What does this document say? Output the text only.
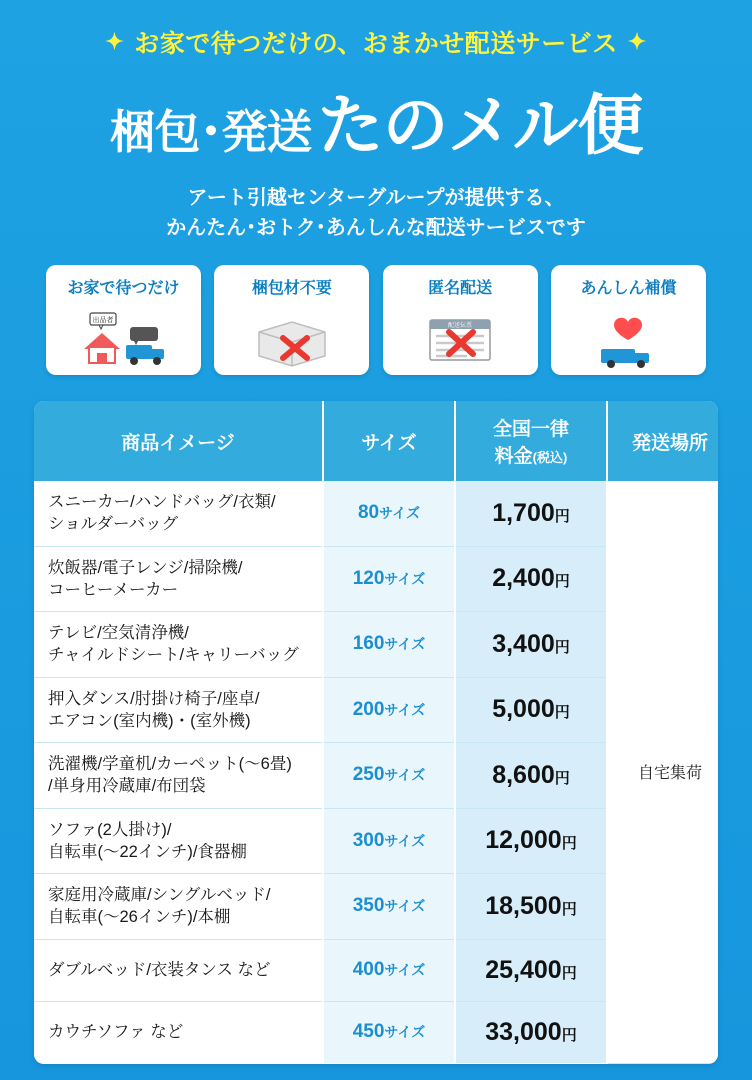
✦ お家で待つだけの、おまかせ配送サービス ✦
梱包･発送 たのメル便
アート引越センターグループが提供する、
かんたん･おトク･あんしんな配送サービスです
お家で待つだけ
出品者
梱包材不要	匿名配送
配送伝票
あんしん補償
商品イメージ	サイズ	全国一律
料金(税込)	発送場所

スニーカー/ハンドバッグ/衣類/
ショルダーバッグ	80サイズ	1,700円	自宅集荷

炊飯器/電子レンジ/掃除機/
コーヒーメーカー	120サイズ	2,400円	

テレビ/空気清浄機/
チャイルドシート/キャリーバッグ	160サイズ	3,400円	

押入ダンス/肘掛け椅子/座卓/
エアコン(室内機)・(室外機)	200サイズ	5,000円	

洗濯機/学童机/カーペット(〜6畳)
/単身用冷蔵庫/布団袋	250サイズ	8,600円	

ソファ(2人掛け)/
自転車(〜22インチ)/食器棚	300サイズ	12,000円	

家庭用冷蔵庫/シングルベッド/
自転車(〜26インチ)/本棚	350サイズ	18,500円	

ダブルベッド/衣装タンス など	400サイズ	25,400円	

カウチソファ など	450サイズ	33,000円	
2025年2月版
